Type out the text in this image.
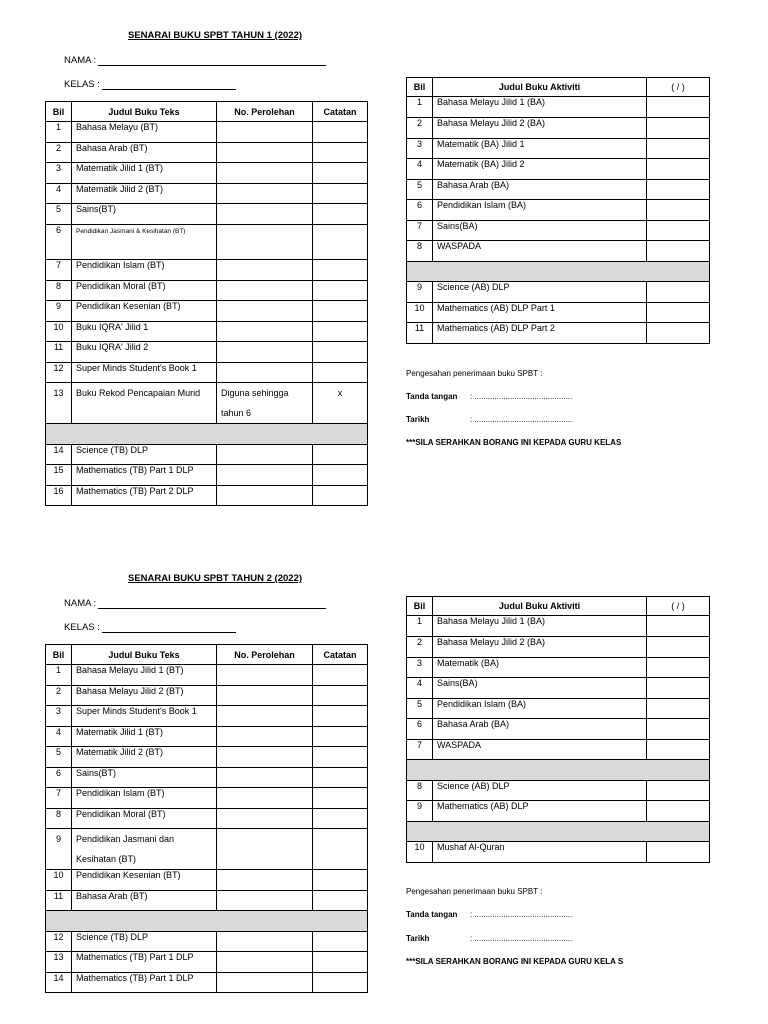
SENARAI BUKU SPBT TAHUN 1 (2022)
NAMA :
KELAS :
Bil	Judul Buku Teks	No. Perolehan	Catatan
1	Bahasa Melayu (BT)		
2	Bahasa Arab (BT)		
3	Matematik Jilid 1 (BT)		
4	Matematik Jilid 2 (BT)		
5	Sains(BT)		
6	Pendidikan Jasmani & Kesihatan (BT)		
7	Pendidikan Islam (BT)		
8	Pendidikan Moral (BT)		
9	Pendidikan Kesenian (BT)		
10	Buku IQRA' Jilid 1		
11	Buku IQRA' Jilid 2		
12	Super Minds Student's Book 1		
13	Buku Rekod Pencapaian Murid	Diguna sehingga tahun 6	x

14	Science (TB) DLP		
15	Mathematics (TB) Part 1 DLP		
16	Mathematics (TB) Part 2 DLP		
Bil	Judul Buku Aktiviti	( / )
1	Bahasa Melayu Jilid 1 (BA)	
2	Bahasa Melayu Jilid 2 (BA)	
3	Matematik (BA) Jilid 1	
4	Matematik (BA) Jilid 2	
5	Bahasa Arab (BA)	
6	Pendidikan Islam (BA)	
7	Sains(BA)	
8	WASPADA	

9	Science (AB) DLP	
10	Mathematics (AB) DLP Part 1	
11	Mathematics (AB) DLP Part 2	
Pengesahan penerimaan buku SPBT :
Tanda tangan : ............................................
Tarikh	: ............................................
***SILA SERAHKAN BORANG INI KEPADA GURU KELAS
SENARAI BUKU SPBT TAHUN 2 (2022)
NAMA :
KELAS :
Bil	Judul Buku Teks	No. Perolehan	Catatan
1	Bahasa Melayu Jilid 1 (BT)		
2	Bahasa Melayu Jilid 2 (BT)		
3	Super Minds Student's Book 1		
4	Matematik Jilid 1 (BT)		
5	Matematik Jilid 2 (BT)		
6	Sains(BT)		
7	Pendidikan Islam (BT)		
8	Pendidikan Moral (BT)		
9	Pendidikan Jasmani dan Kesihatan (BT)		
10	Pendidikan Kesenian (BT)		
11	Bahasa Arab (BT)		

12	Science (TB) DLP		
13	Mathematics (TB) Part 1 DLP		
14	Mathematics (TB) Part 1 DLP		
Bil	Judul Buku Aktiviti	( / )
1	Bahasa Melayu Jilid 1 (BA)	
2	Bahasa Melayu Jilid 2 (BA)	
3	Matematik (BA)	
4	Sains(BA)	
5	Pendidikan Islam (BA)	
6	Bahasa Arab (BA)	
7	WASPADA	

8	Science (AB) DLP	
9	Mathematics (AB) DLP	

10	Mushaf Al-Quran	
Pengesahan penerimaan buku SPBT :
Tanda tangan : ............................................
Tarikh	: ............................................
***SILA SERAHKAN BORANG INI KEPADA GURU KELA S
